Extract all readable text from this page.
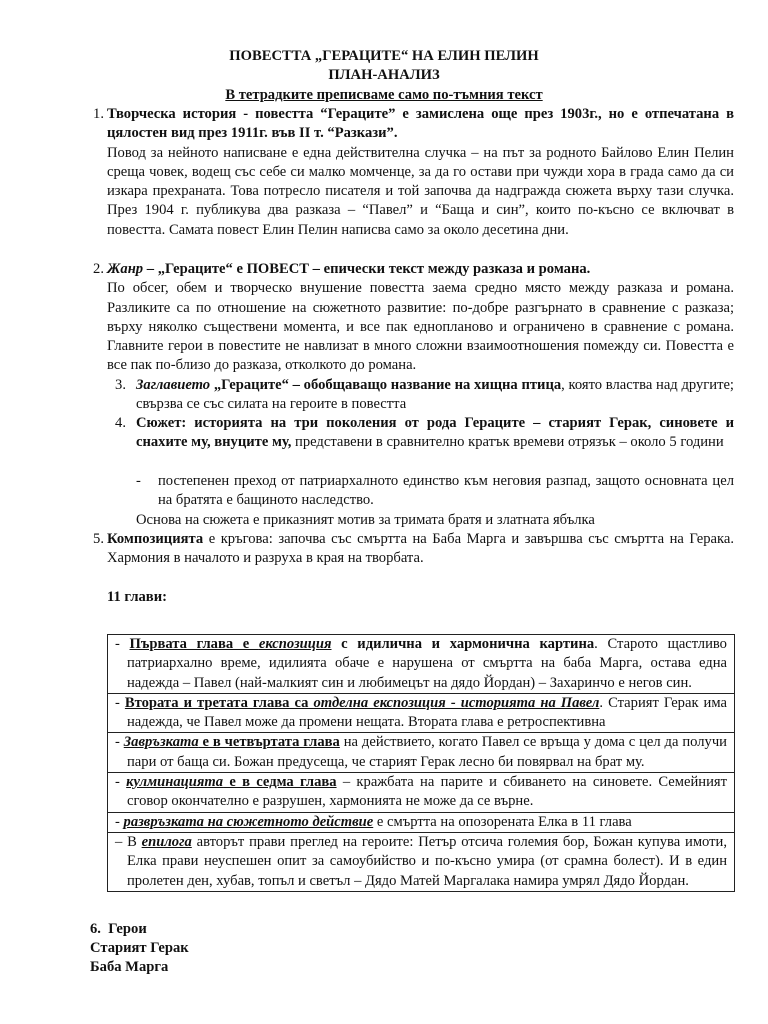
ПОВЕСТТА „ГЕРАЦИТЕ“ НА ЕЛИН ПЕЛИН
ПЛАН-АНАЛИЗ
В тетрадките преписваме само по-тъмния текст
1. Творческа история - повестта “Гераците” е замислена още през 1903г., но е отпечатана в цялостен вид през 1911г. във II т. “Разкази”.
Повод за нейното написване е една действителна случка – на път за родното Байлово Елин Пелин среща човек, водещ със себе си малко момченце, за да го остави при чужди хора в града само да си изкара прехраната. Това потресло писателя и той започва да надгражда сюжета върху тази случка. През 1904 г. публикува два разказа – “Павел” и “Баща и син”, които по-късно се включват в повестта. Самата повест Елин Пелин написва само за около десетина дни.
2. Жанр – „Гераците“ е ПОВЕСТ – епически текст между разказа и романа.
По обсег, обем и творческо внушение повестта заема средно място между разказа и романа. Разликите са по отношение на сюжетното развитие: по-добре разгърнато в сравнение с разказа; върху няколко съществени момента, и все пак еднопланово и ограничено в сравнение с романа. Главните герои в повестите не навлизат в много сложни взаимоотношения помежду си. Повестта е все пак по-близо до разказа, отколкото до романа.
3. Заглавието „Гераците“ – обобщаващо название на хищна птица, която властва над другите; свързва се със силата на героите в повестта
4. Сюжет: историята на три поколения от рода Гераците – старият Герак, синовете и снахите му, внуците му, представени в сравнително кратък времеви отрязък – около 5 години
- постепенен преход от патриархалното единство към неговия разпад, защото основната цел на братята е бащиното наследство.
Основа на сюжета е приказният мотив за тримата братя и златната ябълка
5. Композицията е кръгова: започва със смъртта на Баба Марга и завършва със смъртта на Герака. Хармония в началото и разруха в края на творбата.
11 глави:
- Първата глава е експозиция с идилична и хармонична картина. Старото щастливо патриархално време, идилията обаче е нарушена от смъртта на баба Марга, остава една надежда – Павел (най-малкият син и любимецът на дядо Йордан) – Захаринчо е негов син.

- Втората и третата глава са отделна експозиция - историята на Павел. Старият Герак има надежда, че Павел може да промени нещата. Втората глава е ретроспективна

- Завръзката е в четвъртата глава на действието, когато Павел се връща у дома с цел да получи пари от баща си. Божан предусеща, че старият Герак лесно би повярвал на брат му.

- кулминацията е в седма глава – кражбата на парите и сбиването на синовете. Семейният сговор окончателно е разрушен, хармонията не може да се върне.

- развръзката на сюжетното действие е смъртта на опозорената Елка в 11 глава

– В епилога авторът прави преглед на героите: Петър отсича големия бор, Божан купува имоти, Елка прави неуспешен опит за самоубийство и по-късно умира (от срамна болест). И в един пролетен ден, хубав, топъл и светъл – Дядо Матей Маргалака намира умрял Дядо Йордан.
6. Герои
Старият Герак
Баба Марга
